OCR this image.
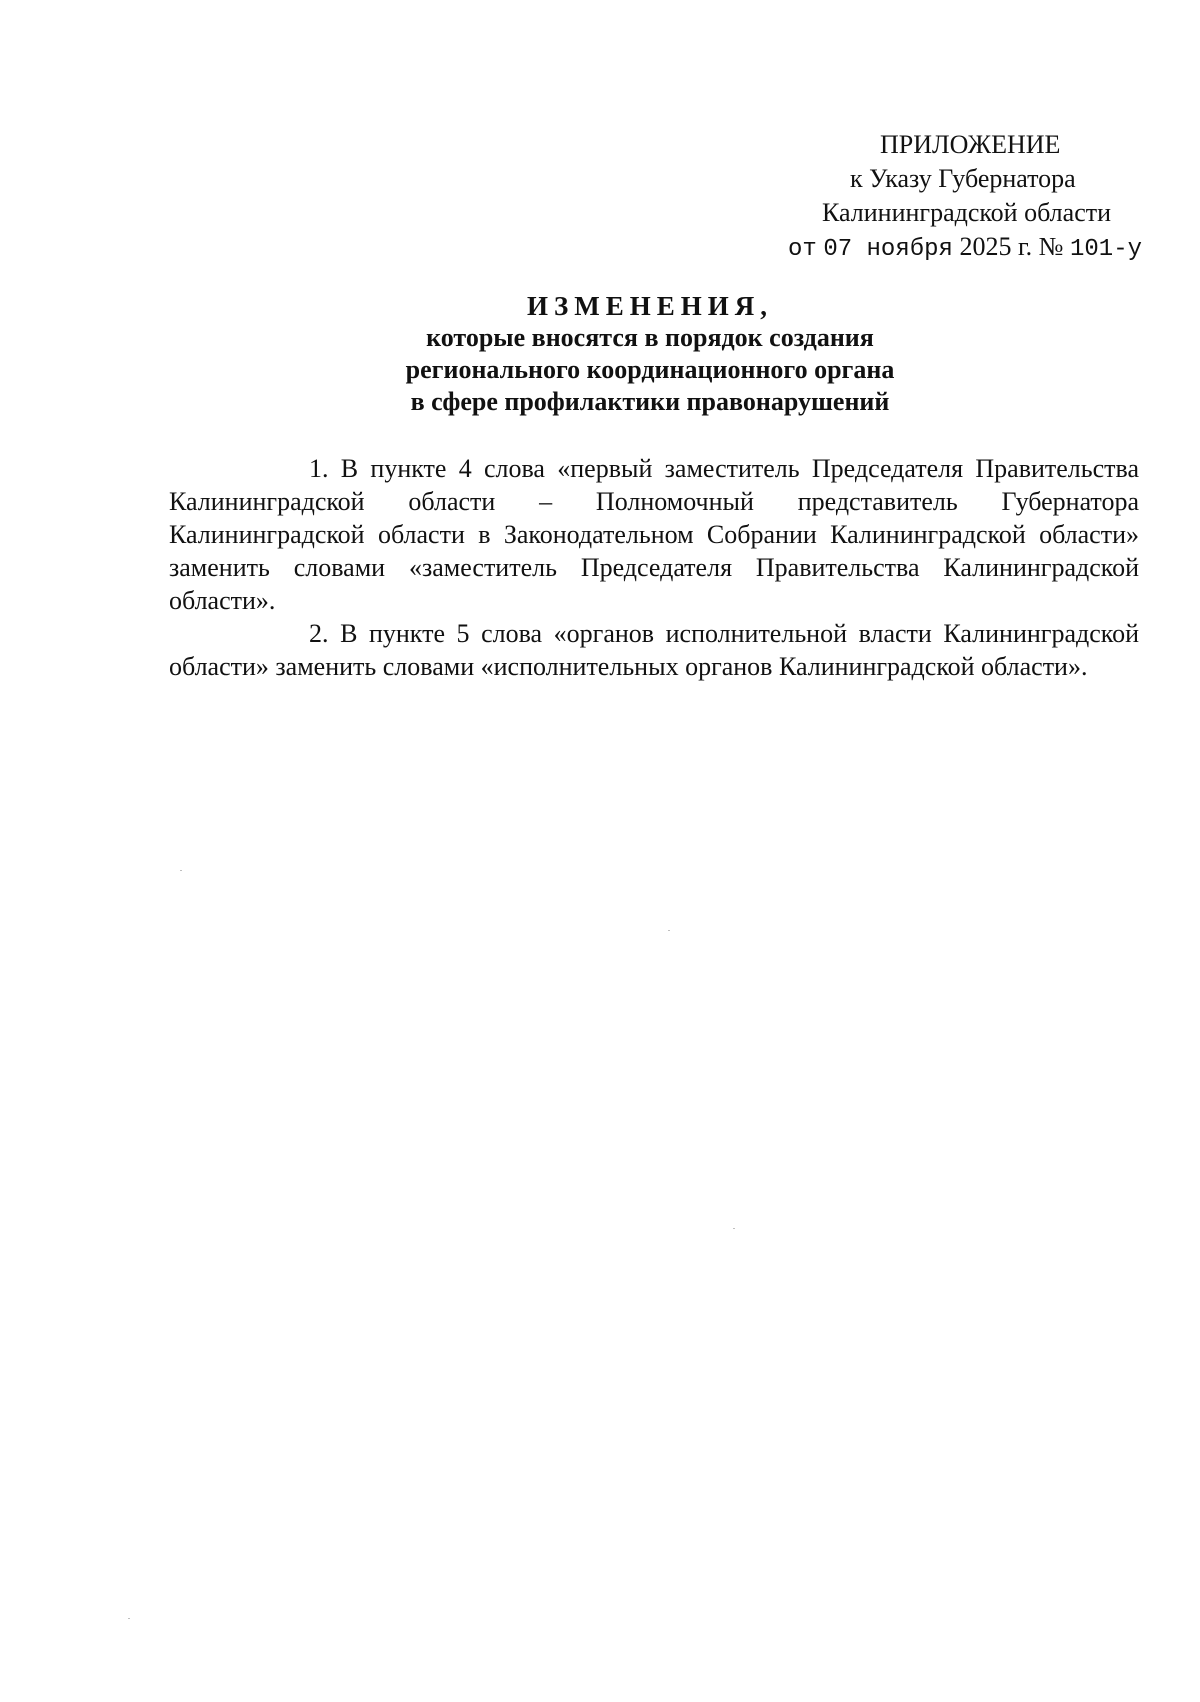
ПРИЛОЖЕНИЕ
к Указу Губернатора
Калининградской области
от 07 ноября 2025 г. № 101-у
ИЗМЕНЕНИЯ,
которые вносятся в порядок создания
регионального координационного органа
в сфере профилактики правонарушений

1. В пункте 4 слова «первый заместитель Председателя Правительства Калининградской области – Полномочный представитель Губернатора Калининградской области в Законодательном Собрании Калининградской области» заменить словами «заместитель Председателя Правительства Калининградской области».

2. В пункте 5 слова «органов исполнительной власти Калининградской области» заменить словами «исполнительных органов Калининградской области».
